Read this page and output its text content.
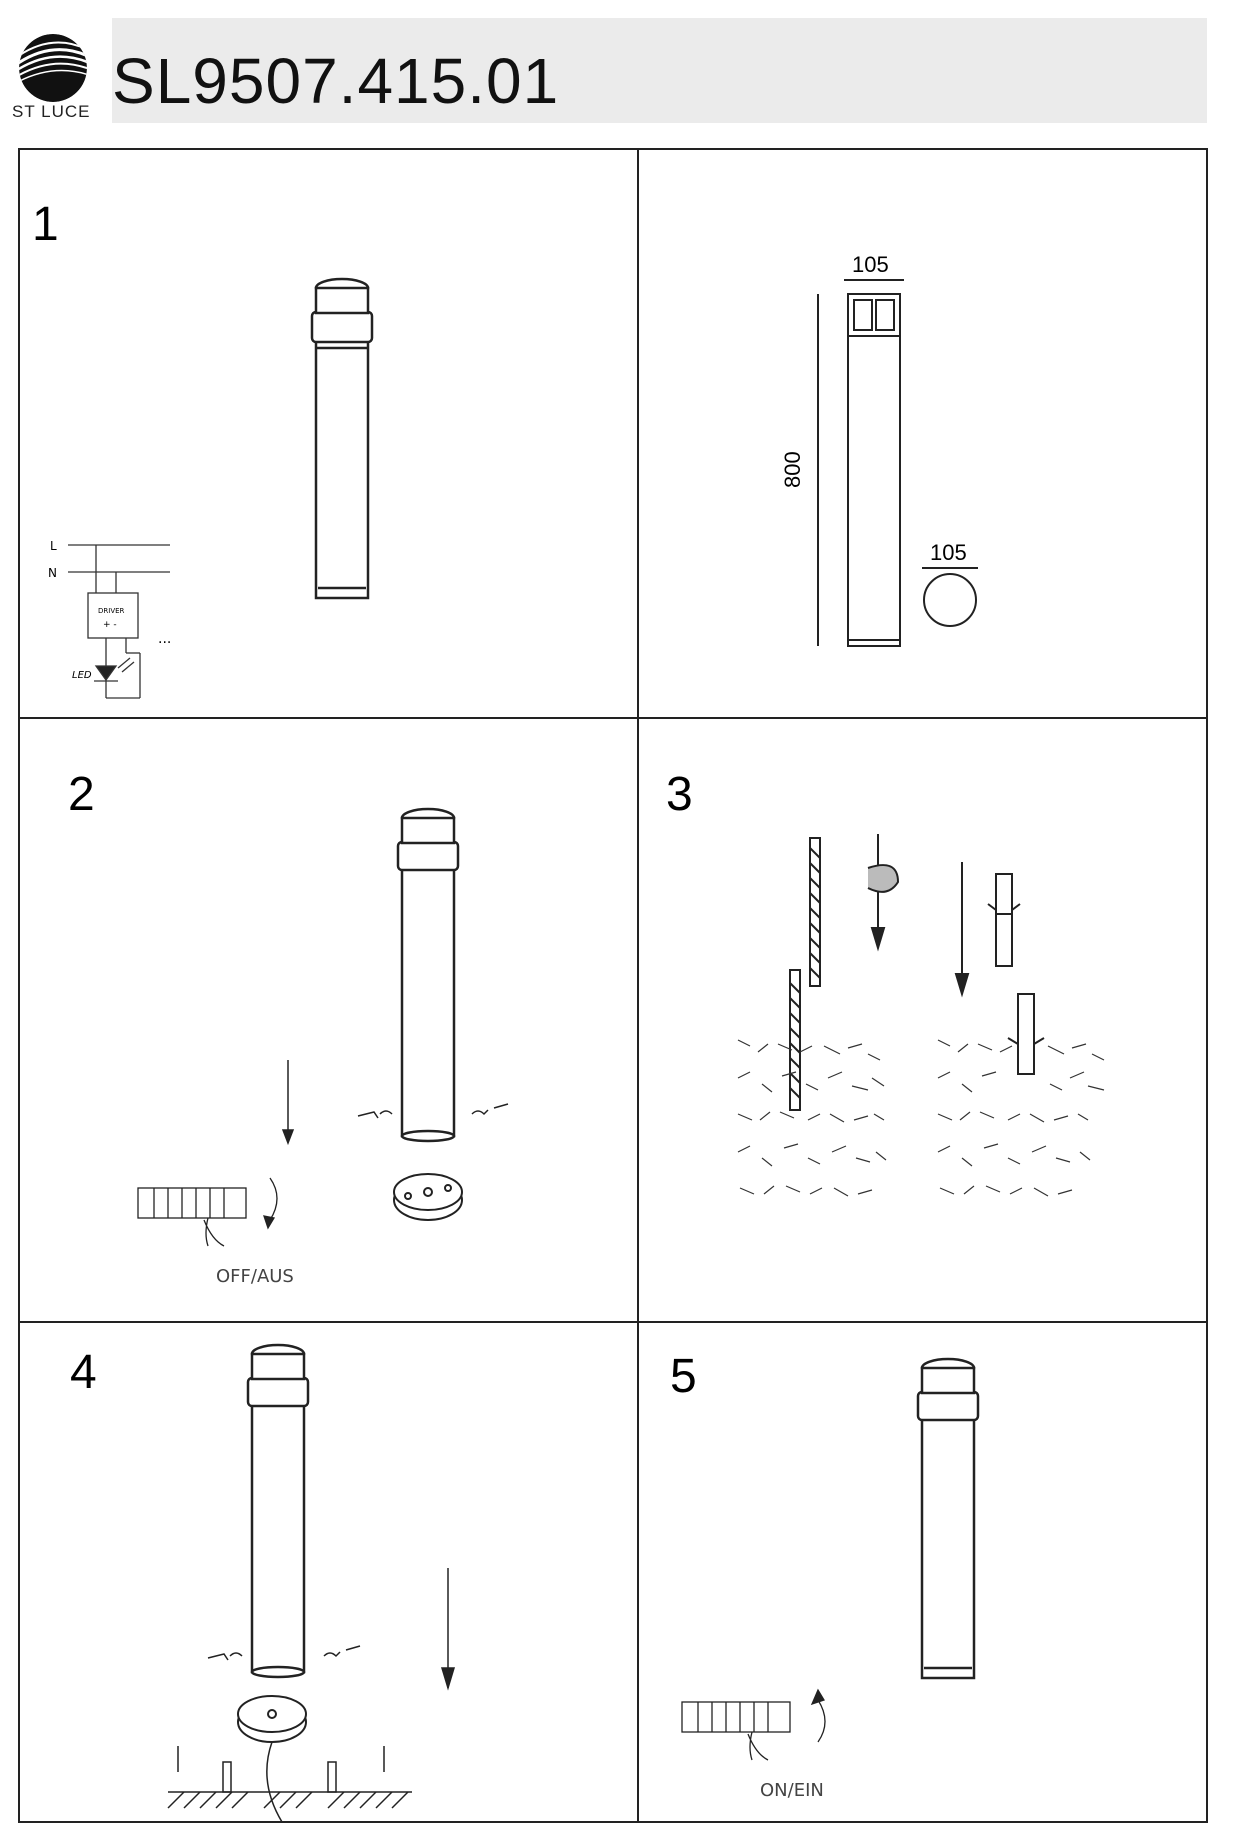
ST LUCE SL9507.415.01
L
N
DRIVER
+ -
LED
...
1
105
800
105
OFF/AUS
2	3
4
ON/EIN
5
